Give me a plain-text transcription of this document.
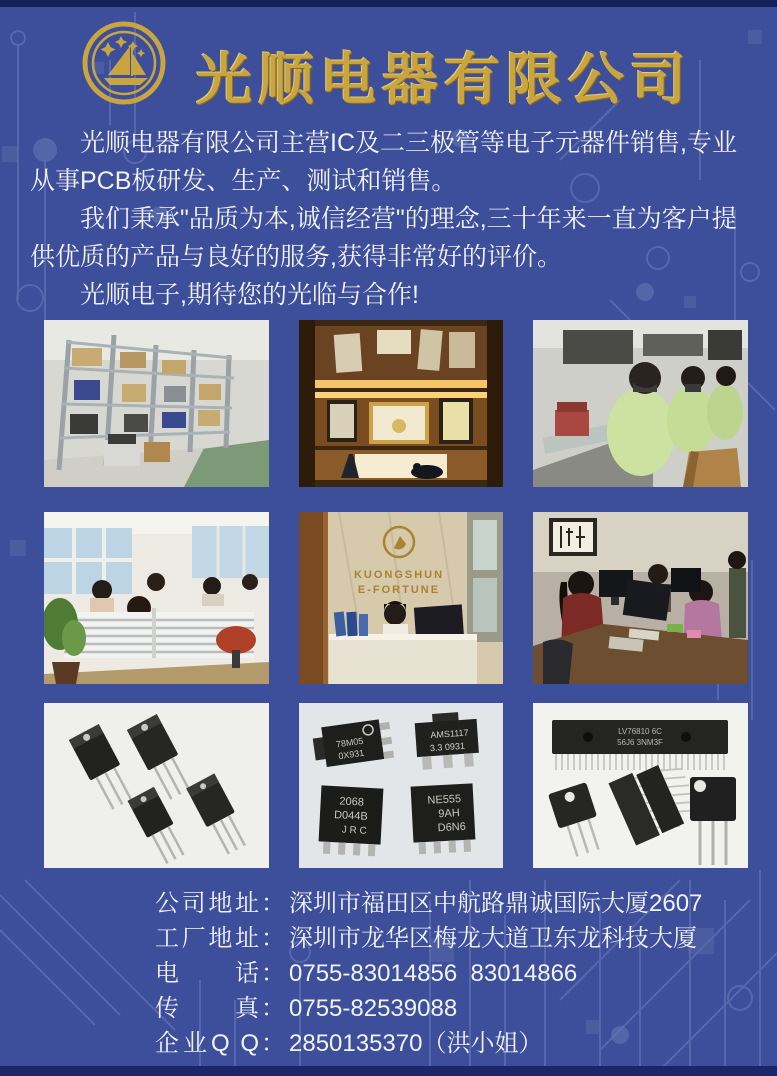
光顺电器有限公司

光顺电器有限公司主营IC及二三极管等电子元器件销售,专业从事PCB板研发、生产、测试和销售。

我们秉承"品质为本,诚信经营"的理念,三十年来一直为客户提供优质的产品与良好的服务,获得非常好的评价。

光顺电子,期待您的光临与合作!

KUONGSHUN
E-FORTUNE
78M05
0X931
AMS1117
3.3 0931
2068
D044B
J R C
NE555
9AH
D6N6
LV76810 6C
56J6 3NM3F
公司地址 ： 深圳市福田区中航路鼎诚国际大厦2607
工厂地址 ： 深圳市龙华区梅龙大道卫东龙科技大厦
电话 ： 0755-83014856  83014866
传真 ： 0755-82539088
企业Q Q ： 2850135370（洪小姐）
